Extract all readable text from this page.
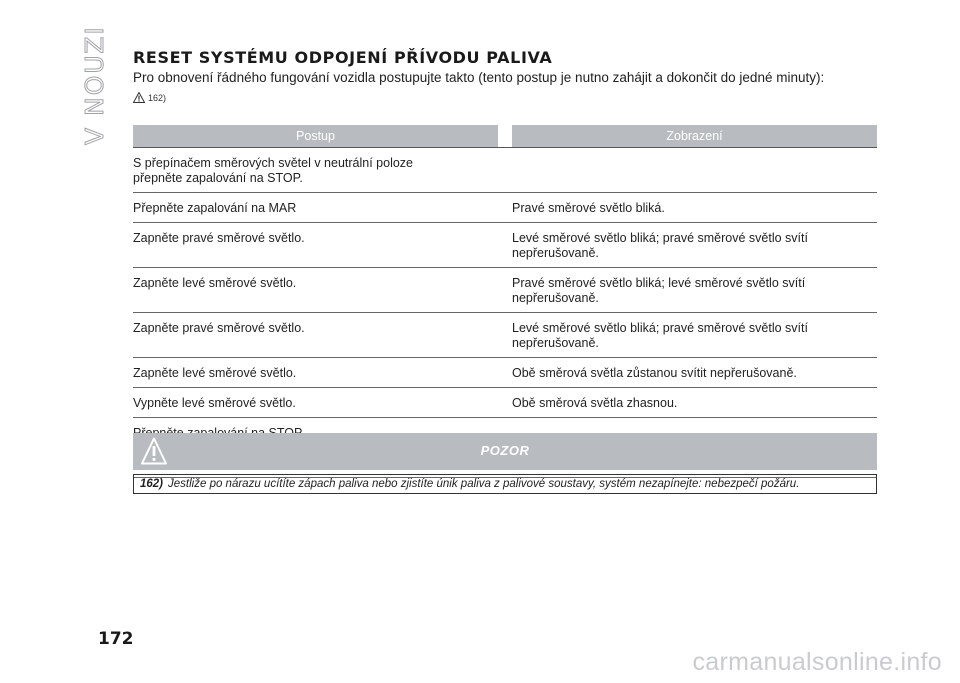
V NOUZI RESET SYSTÉMU ODPOJENÍ PŘÍVODU PALIVA
Pro obnovení řádného fungování vozidla postupujte takto (tento postup je nutno zahájit a dokončit do jedné minuty):
162)
Postup		Zobrazení
S přepínačem směrových světel v neutrální poloze přepněte zapalování na STOP.		
Přepněte zapalování na MAR		Pravé směrové světlo bliká.
Zapněte pravé směrové světlo.		Levé směrové světlo bliká; pravé směrové světlo svítí nepřerušovaně.
Zapněte levé směrové světlo.		Pravé směrové světlo bliká; levé směrové světlo svítí nepřerušovaně.
Zapněte pravé směrové světlo.		Levé směrové světlo bliká; pravé směrové světlo svítí nepřerušovaně.
Zapněte levé směrové světlo.		Obě směrová světla zůstanou svítit nepřerušovaně.
Vypněte levé směrové světlo.		Obě směrová světla zhasnou.

POZOR
162) Jestliže po nárazu ucítíte zápach paliva nebo zjistíte únik paliva z palivové soustavy, systém nezapínejte: nebezpečí požáru.
172
carmanualsonline.info
